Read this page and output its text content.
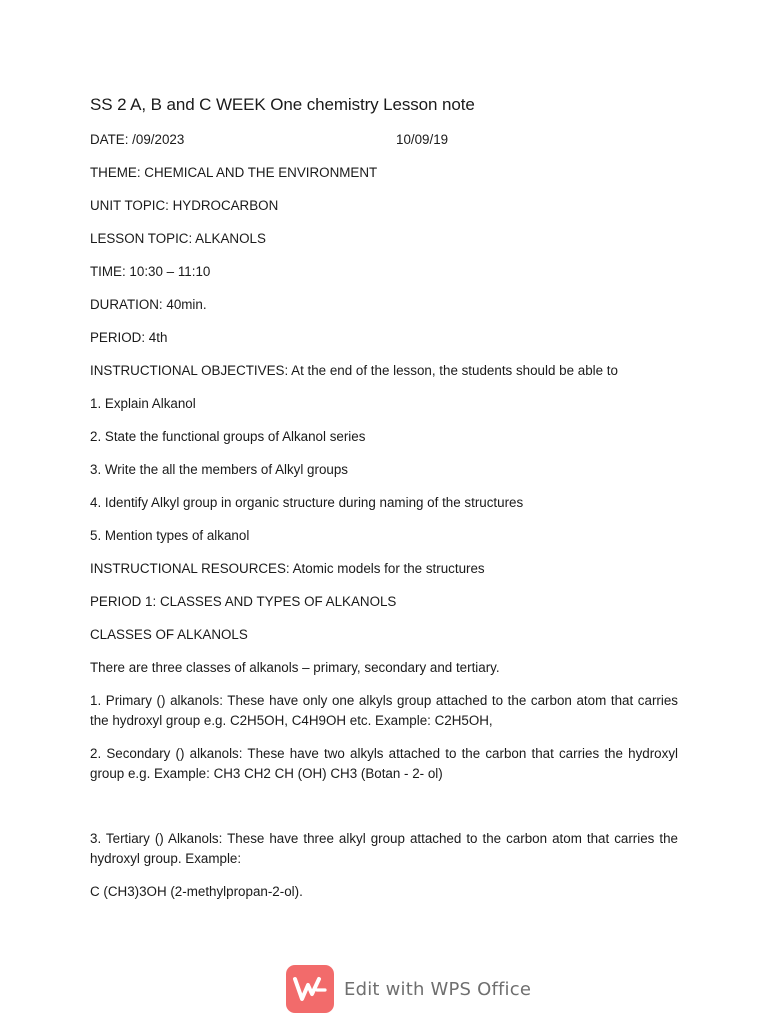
SS 2 A, B and C WEEK One chemistry Lesson note
DATE: /09/2023	10/09/19

THEME: CHEMICAL AND THE ENVIRONMENT

UNIT TOPIC: HYDROCARBON

LESSON TOPIC: ALKANOLS

TIME: 10:30 – 11:10

DURATION: 40min.

PERIOD: 4th

INSTRUCTIONAL OBJECTIVES: At the end of the lesson, the students should be able to

1. Explain Alkanol

2. State the functional groups of Alkanol series

3. Write the all the members of Alkyl groups

4. Identify Alkyl group in organic structure during naming of the structures

5. Mention types of alkanol

INSTRUCTIONAL RESOURCES: Atomic models for the structures

PERIOD 1: CLASSES AND TYPES OF ALKANOLS

CLASSES OF ALKANOLS

There are three classes of alkanols – primary, secondary and tertiary.

1. Primary () alkanols: These have only one alkyls group attached to the carbon atom that carries the hydroxyl group e.g. C2H5OH, C4H9OH etc. Example: C2H5OH,

2. Secondary () alkanols: These have two alkyls attached to the carbon that carries the hydroxyl group e.g. Example: CH3 CH2 CH (OH) CH3 (Botan - 2- ol)

3. Tertiary () Alkanols: These have three alkyl group attached to the carbon atom that carries the hydroxyl group. Example:

C (CH3)3OH (2-methylpropan-2-ol).

Edit with WPS Office
